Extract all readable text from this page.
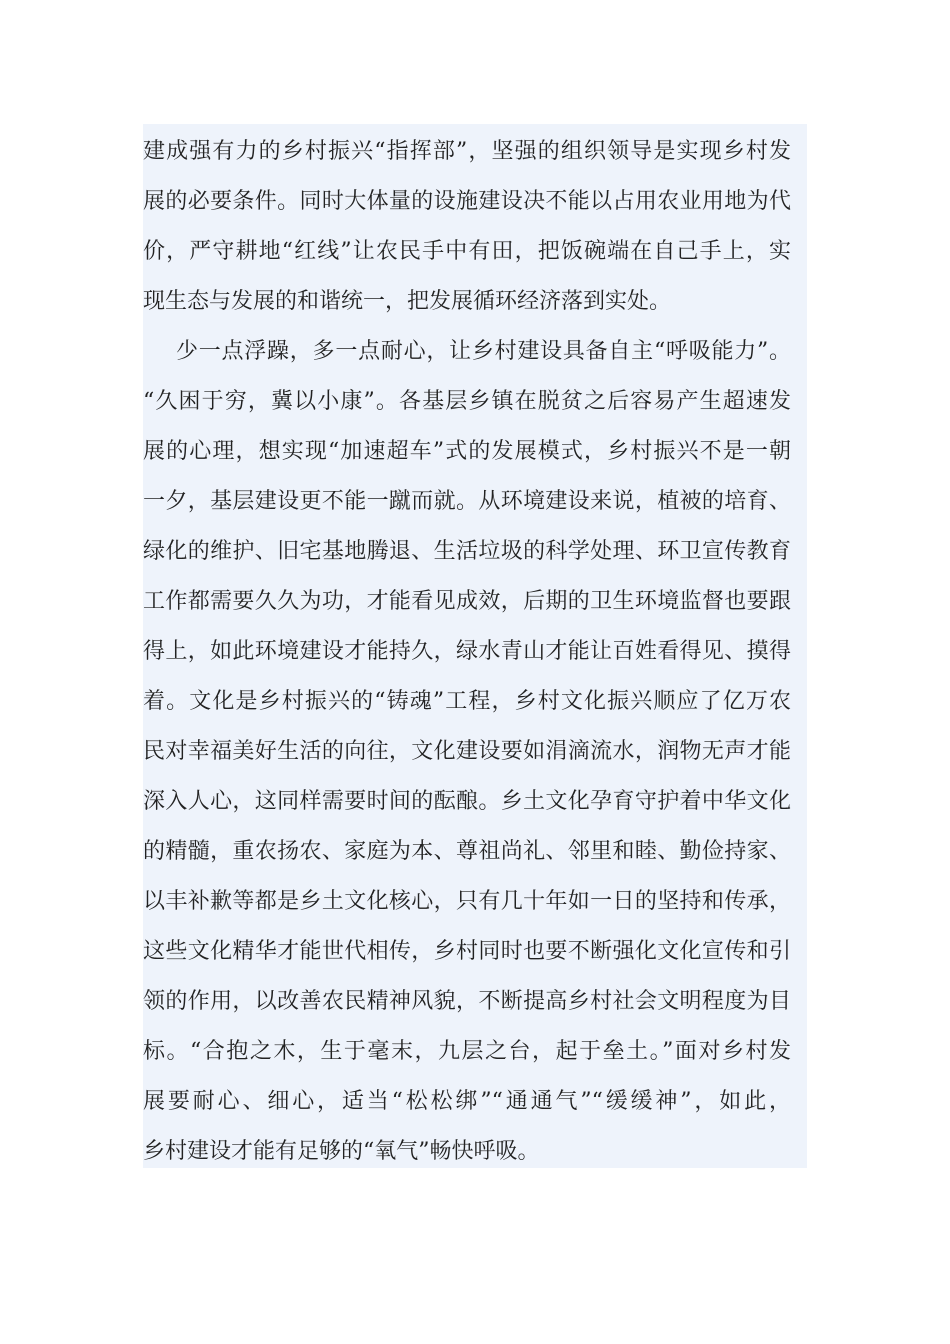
建成强有力的乡村振兴“指挥部”，坚强的组织领导是实现乡村发
展的必要条件。同时大体量的设施建设决不能以占用农业用地为代
价，严守耕地“红线”让农民手中有田，把饭碗端在自己手上，实
现生态与发展的和谐统一，把发展循环经济落到实处。
少一点浮躁，多一点耐心，让乡村建设具备自主“呼吸能力”。
“久困于穷，冀以小康”。各基层乡镇在脱贫之后容易产生超速发
展的心理，想实现“加速超车”式的发展模式，乡村振兴不是一朝
一夕，基层建设更不能一蹴而就。从环境建设来说，植被的培育、
绿化的维护、旧宅基地腾退、生活垃圾的科学处理、环卫宣传教育
工作都需要久久为功，才能看见成效，后期的卫生环境监督也要跟
得上，如此环境建设才能持久，绿水青山才能让百姓看得见、摸得
着。文化是乡村振兴的“铸魂”工程，乡村文化振兴顺应了亿万农
民对幸福美好生活的向往，文化建设要如涓滴流水，润物无声才能
深入人心，这同样需要时间的酝酿。乡土文化孕育守护着中华文化
的精髓，重农扬农、家庭为本、尊祖尚礼、邻里和睦、勤俭持家、
以丰补歉等都是乡土文化核心，只有几十年如一日的坚持和传承，
这些文化精华才能世代相传，乡村同时也要不断强化文化宣传和引
领的作用，以改善农民精神风貌，不断提高乡村社会文明程度为目
标。“合抱之木，生于毫末，九层之台，起于垒土。”面对乡村发
展要耐心、细心，适当“松松绑”“通通气”“缓缓神”，如此，
乡村建设才能有足够的“氧气”畅快呼吸。
